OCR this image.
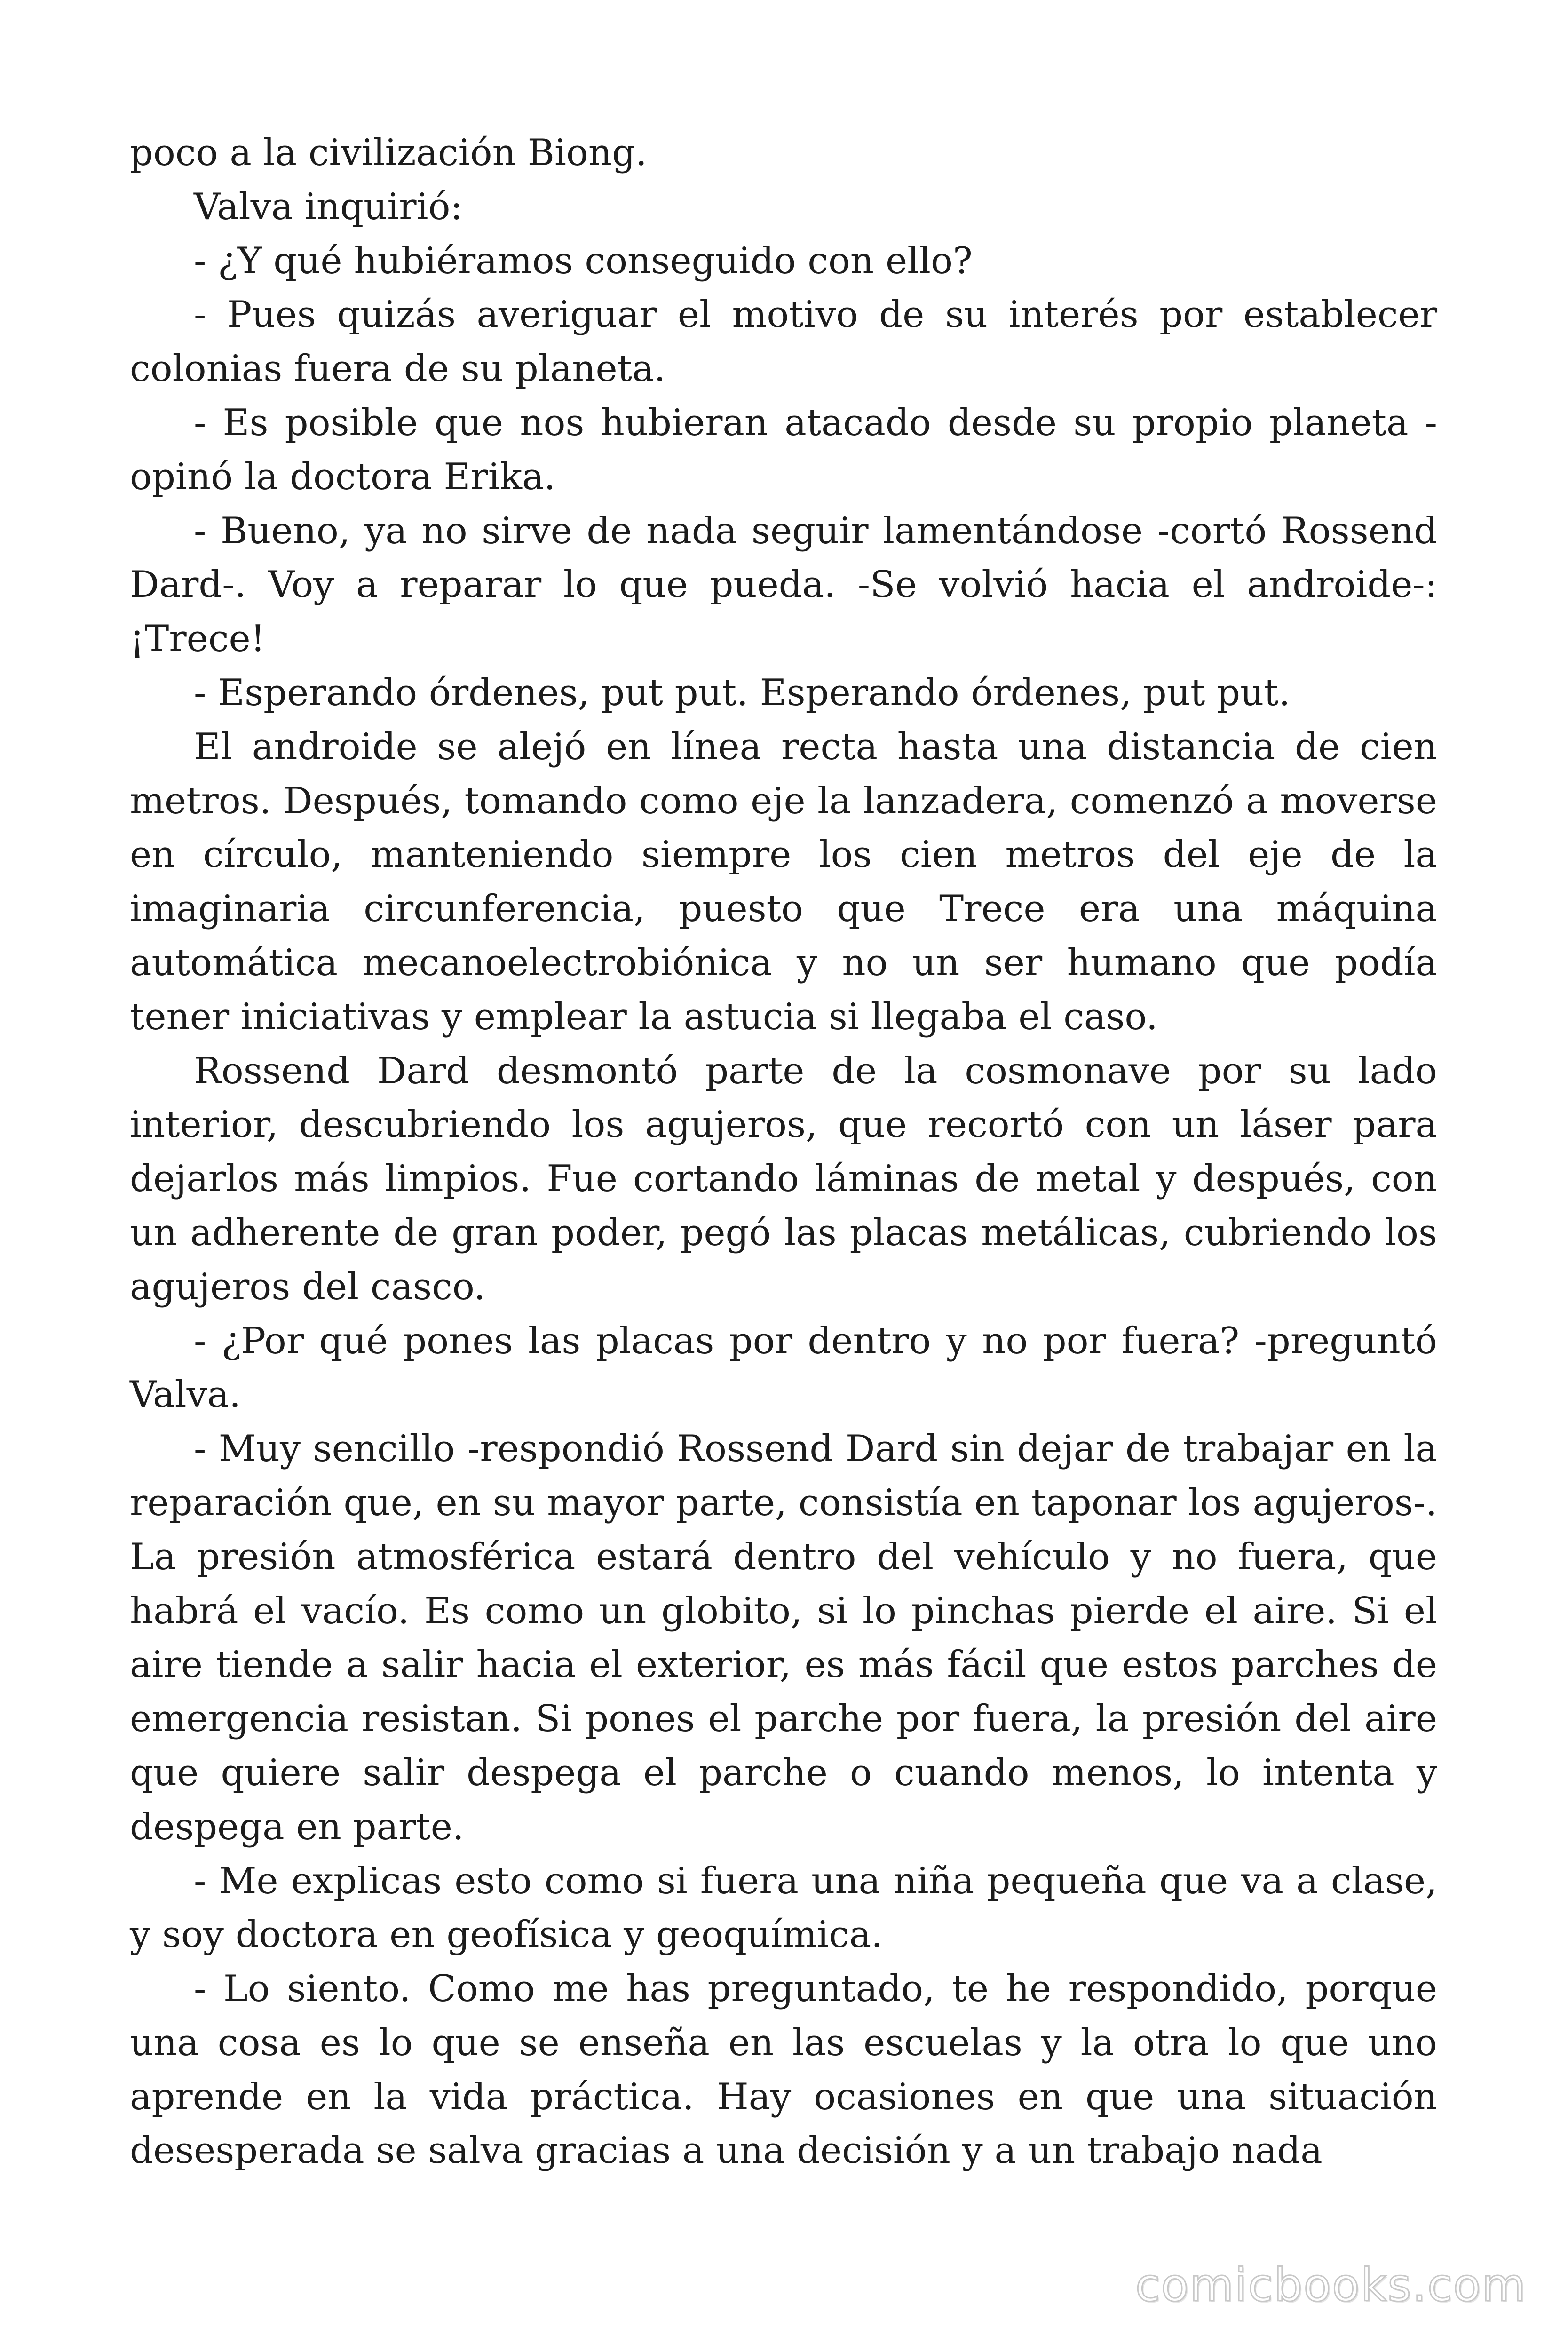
poco a la civilización Biong.

Valva inquirió:

- ¿Y qué hubiéramos conseguido con ello?

- Pues quizás averiguar el motivo de su interés por establecer colonias fuera de su planeta.

- Es posible que nos hubieran atacado desde su propio planeta - opinó la doctora Erika.

- Bueno, ya no sirve de nada seguir lamentándose -cortó Rossend Dard-. Voy a reparar lo que pueda. -Se volvió hacia el androide-: ¡Trece!

- Esperando órdenes, put put. Esperando órdenes, put put.

El androide se alejó en línea recta hasta una distancia de cien metros. Después, tomando como eje la lanzadera, comenzó a moverse en círculo, manteniendo siempre los cien metros del eje de la imaginaria circunferencia, puesto que Trece era una máquina automática mecanoelectrobiónica y no un ser humano que podía tener iniciativas y emplear la astucia si llegaba el caso.

Rossend Dard desmontó parte de la cosmonave por su lado interior, descubriendo los agujeros, que recortó con un láser para dejarlos más limpios. Fue cortando láminas de metal y después, con un adherente de gran poder, pegó las placas metálicas, cubriendo los agujeros del casco.

- ¿Por qué pones las placas por dentro y no por fuera? -preguntó Valva.

- Muy sencillo -respondió Rossend Dard sin dejar de trabajar en la reparación que, en su mayor parte, consistía en taponar los agujeros-. La presión atmosférica estará dentro del vehículo y no fuera, que habrá el vacío. Es como un globito, si lo pinchas pierde el aire. Si el aire tiende a salir hacia el exterior, es más fácil que estos parches de emergencia resistan. Si pones el parche por fuera, la presión del aire que quiere salir despega el parche o cuando menos, lo intenta y despega en parte.

- Me explicas esto como si fuera una niña pequeña que va a clase, y soy doctora en geofísica y geoquímica.

- Lo siento. Como me has preguntado, te he respondido, porque una cosa es lo que se enseña en las escuelas y la otra lo que uno aprende en la vida práctica. Hay ocasiones en que una situación desesperada se salva gracias a una decisión y a un trabajo nada

comicbooks.com
